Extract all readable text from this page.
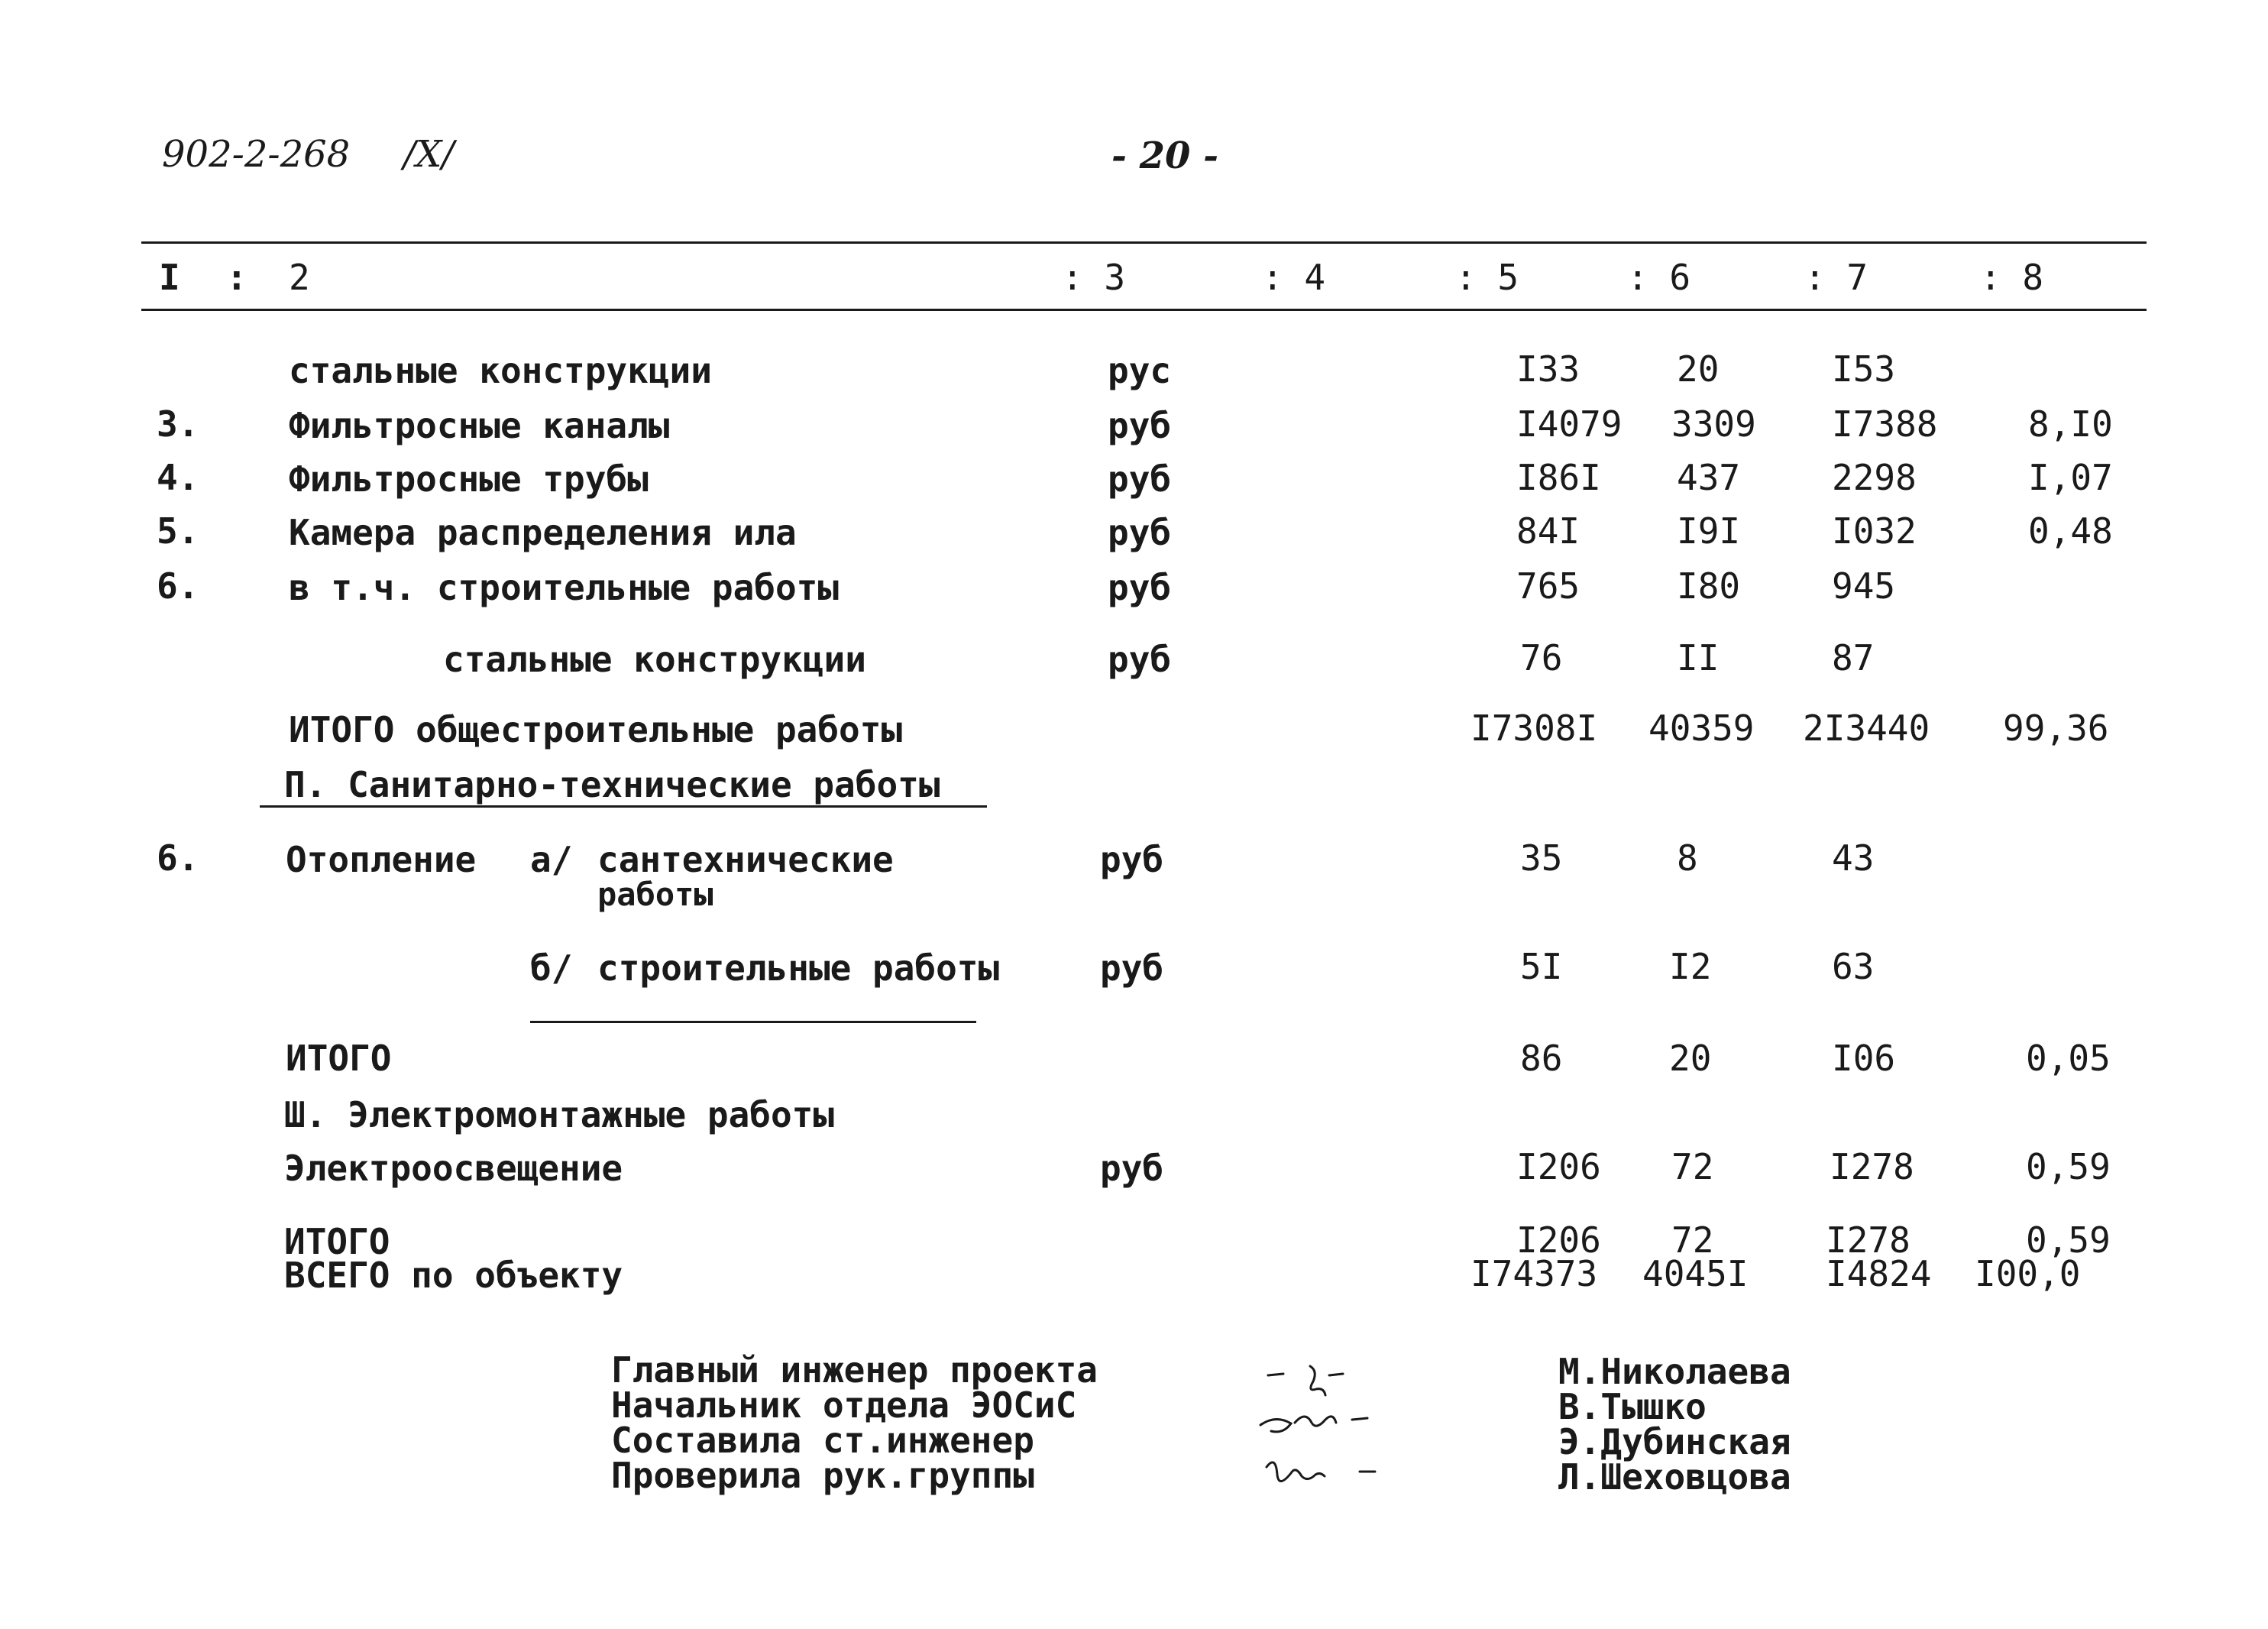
902-2-268 /X/	- 20 -
I : 2	: 3	: 4	: 5	: 6	: 7	: 8
стальные конструкции	рус	I33	20	I53
3.	Фильтросные каналы	руб	I4079 3309 I7388	8,I0
4.	Фильтросные трубы	руб	I86I 437	2298	I,07
5.	Камера распределения ила	руб	84I	I9I	I032	0,48
6.	в т.ч. строительные работы	руб	765	I80	945
стальные конструкции	руб	76	II	87
ИТОГО общестроительные работы	I7308I 40359 2I3440 99,36
П. Санитарно-технические работы
6. Отопление а/ сантехнические
работы
руб	35	8	43
б/ строительные работы	руб	5I	I2	63
ИТОГО	86	20	I06	0,05
Ш. Электромонтажные работы
Электроосвещение	руб	I206 72	I278	0,59
ИТОГО	I206 72	I278	0,59
ВСЕГО по объекту	I74373 4045I I4824 I00,0
Главный инженер проекта
Начальник отдела ЭОСиС
Составила ст.инженер
Проверила рук.группы
М.Николаева
В.Тышко
Э.Дубинская
Л.Шеховцова
